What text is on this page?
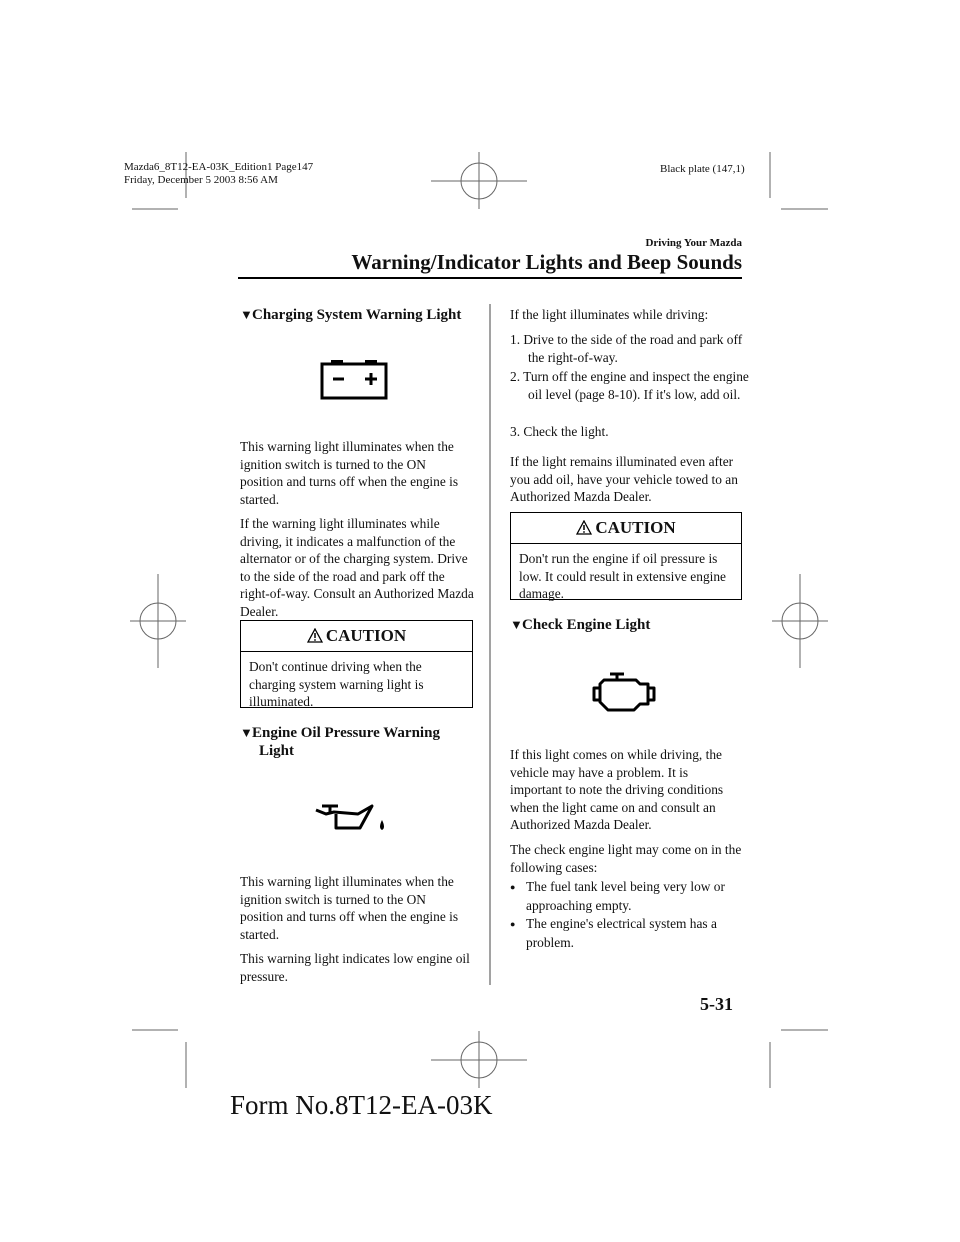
Mazda6_8T12-EA-03K_Edition1 Page147
Friday, December 5 2003 8:56 AM
Black plate (147,1)
Driving Your Mazda
Warning/Indicator Lights and Beep Sounds
▼Charging System Warning Light
This warning light illuminates when the ignition switch is turned to the ON position and turns off when the engine is started.
If the warning light illuminates while driving, it indicates a malfunction of the alternator or of the charging system. Drive to the side of the road and park off the right-of-way. Consult an Authorized Mazda Dealer.
CAUTION
Don't continue driving when the charging system warning light is illuminated.
▼Engine Oil Pressure Warning
Light
This warning light illuminates when the ignition switch is turned to the ON position and turns off when the engine is started.
This warning light indicates low engine oil pressure.
If the light illuminates while driving:
1. Drive to the side of the road and park off the right-of-way.
2. Turn off the engine and inspect the engine oil level (page 8-10). If it's low, add oil.
3. Check the light.
If the light remains illuminated even after you add oil, have your vehicle towed to an Authorized Mazda Dealer.
CAUTION
Don't run the engine if oil pressure is low. It could result in extensive engine damage.
▼Check Engine Light
If this light comes on while driving, the vehicle may have a problem. It is important to note the driving conditions when the light came on and consult an Authorized Mazda Dealer.
The check engine light may come on in the following cases:
● The fuel tank level being very low or approaching empty.
● The engine's electrical system has a problem.
5-31
Form No.8T12-EA-03K
